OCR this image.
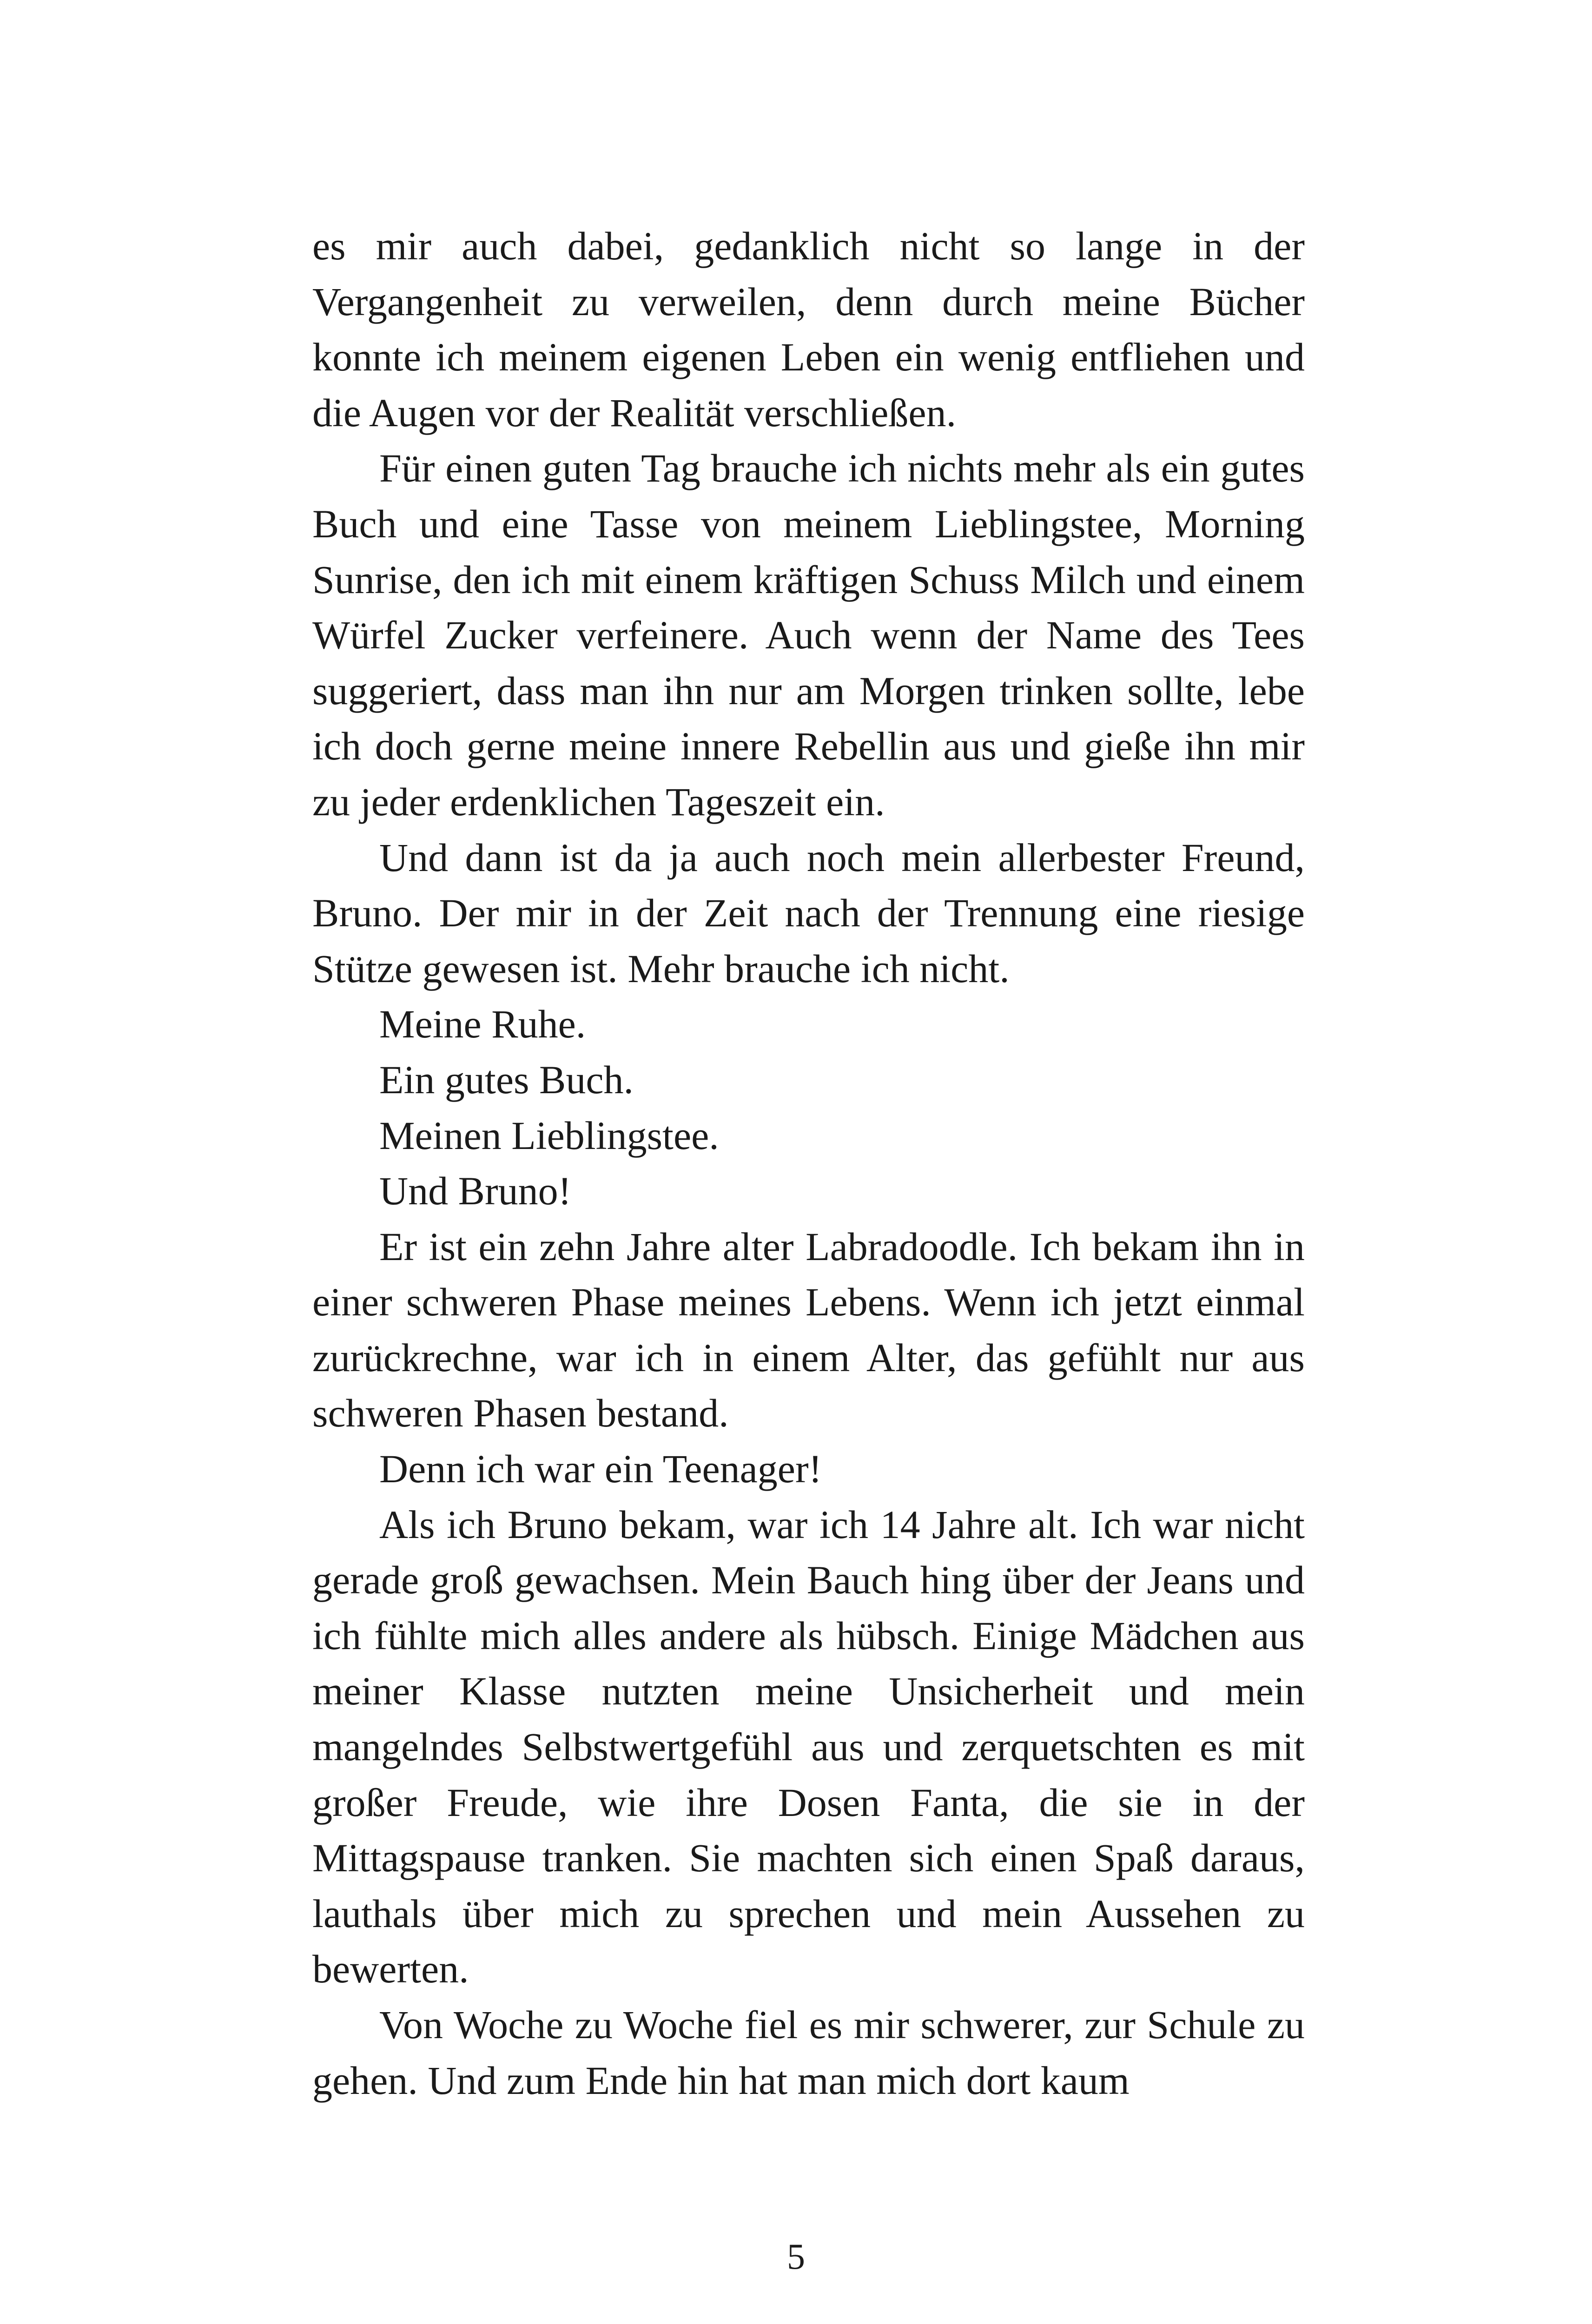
es mir auch dabei, gedanklich nicht so lange in der Vergangenheit zu verweilen, denn durch meine Bücher konnte ich meinem eigenen Leben ein wenig entfliehen und die Augen vor der Realität verschließen.

Für einen guten Tag brauche ich nichts mehr als ein gutes Buch und eine Tasse von meinem Lieblingstee, Morning Sunrise, den ich mit einem kräftigen Schuss Milch und einem Würfel Zucker verfeinere. Auch wenn der Name des Tees suggeriert, dass man ihn nur am Morgen trinken sollte, lebe ich doch gerne meine innere Rebellin aus und gieße ihn mir zu jeder erdenklichen Tageszeit ein.

Und dann ist da ja auch noch mein allerbester Freund, Bruno. Der mir in der Zeit nach der Trennung eine riesige Stütze gewesen ist. Mehr brauche ich nicht.

Meine Ruhe.

Ein gutes Buch.

Meinen Lieblingstee.

Und Bruno!

Er ist ein zehn Jahre alter Labradoodle. Ich bekam ihn in einer schweren Phase meines Lebens. Wenn ich jetzt einmal zurückrechne, war ich in einem Alter, das gefühlt nur aus schweren Phasen bestand.

Denn ich war ein Teenager!

Als ich Bruno bekam, war ich 14 Jahre alt. Ich war nicht gerade groß gewachsen. Mein Bauch hing über der Jeans und ich fühlte mich alles andere als hübsch. Einige Mädchen aus meiner Klasse nutzten meine Unsicherheit und mein mangelndes Selbstwertgefühl aus und zerquetschten es mit großer Freude, wie ihre Dosen Fanta, die sie in der Mittagspause tranken. Sie machten sich einen Spaß daraus, lauthals über mich zu sprechen und mein Aussehen zu bewerten.

Von Woche zu Woche fiel es mir schwerer, zur Schule zu gehen. Und zum Ende hin hat man mich dort kaum

5
